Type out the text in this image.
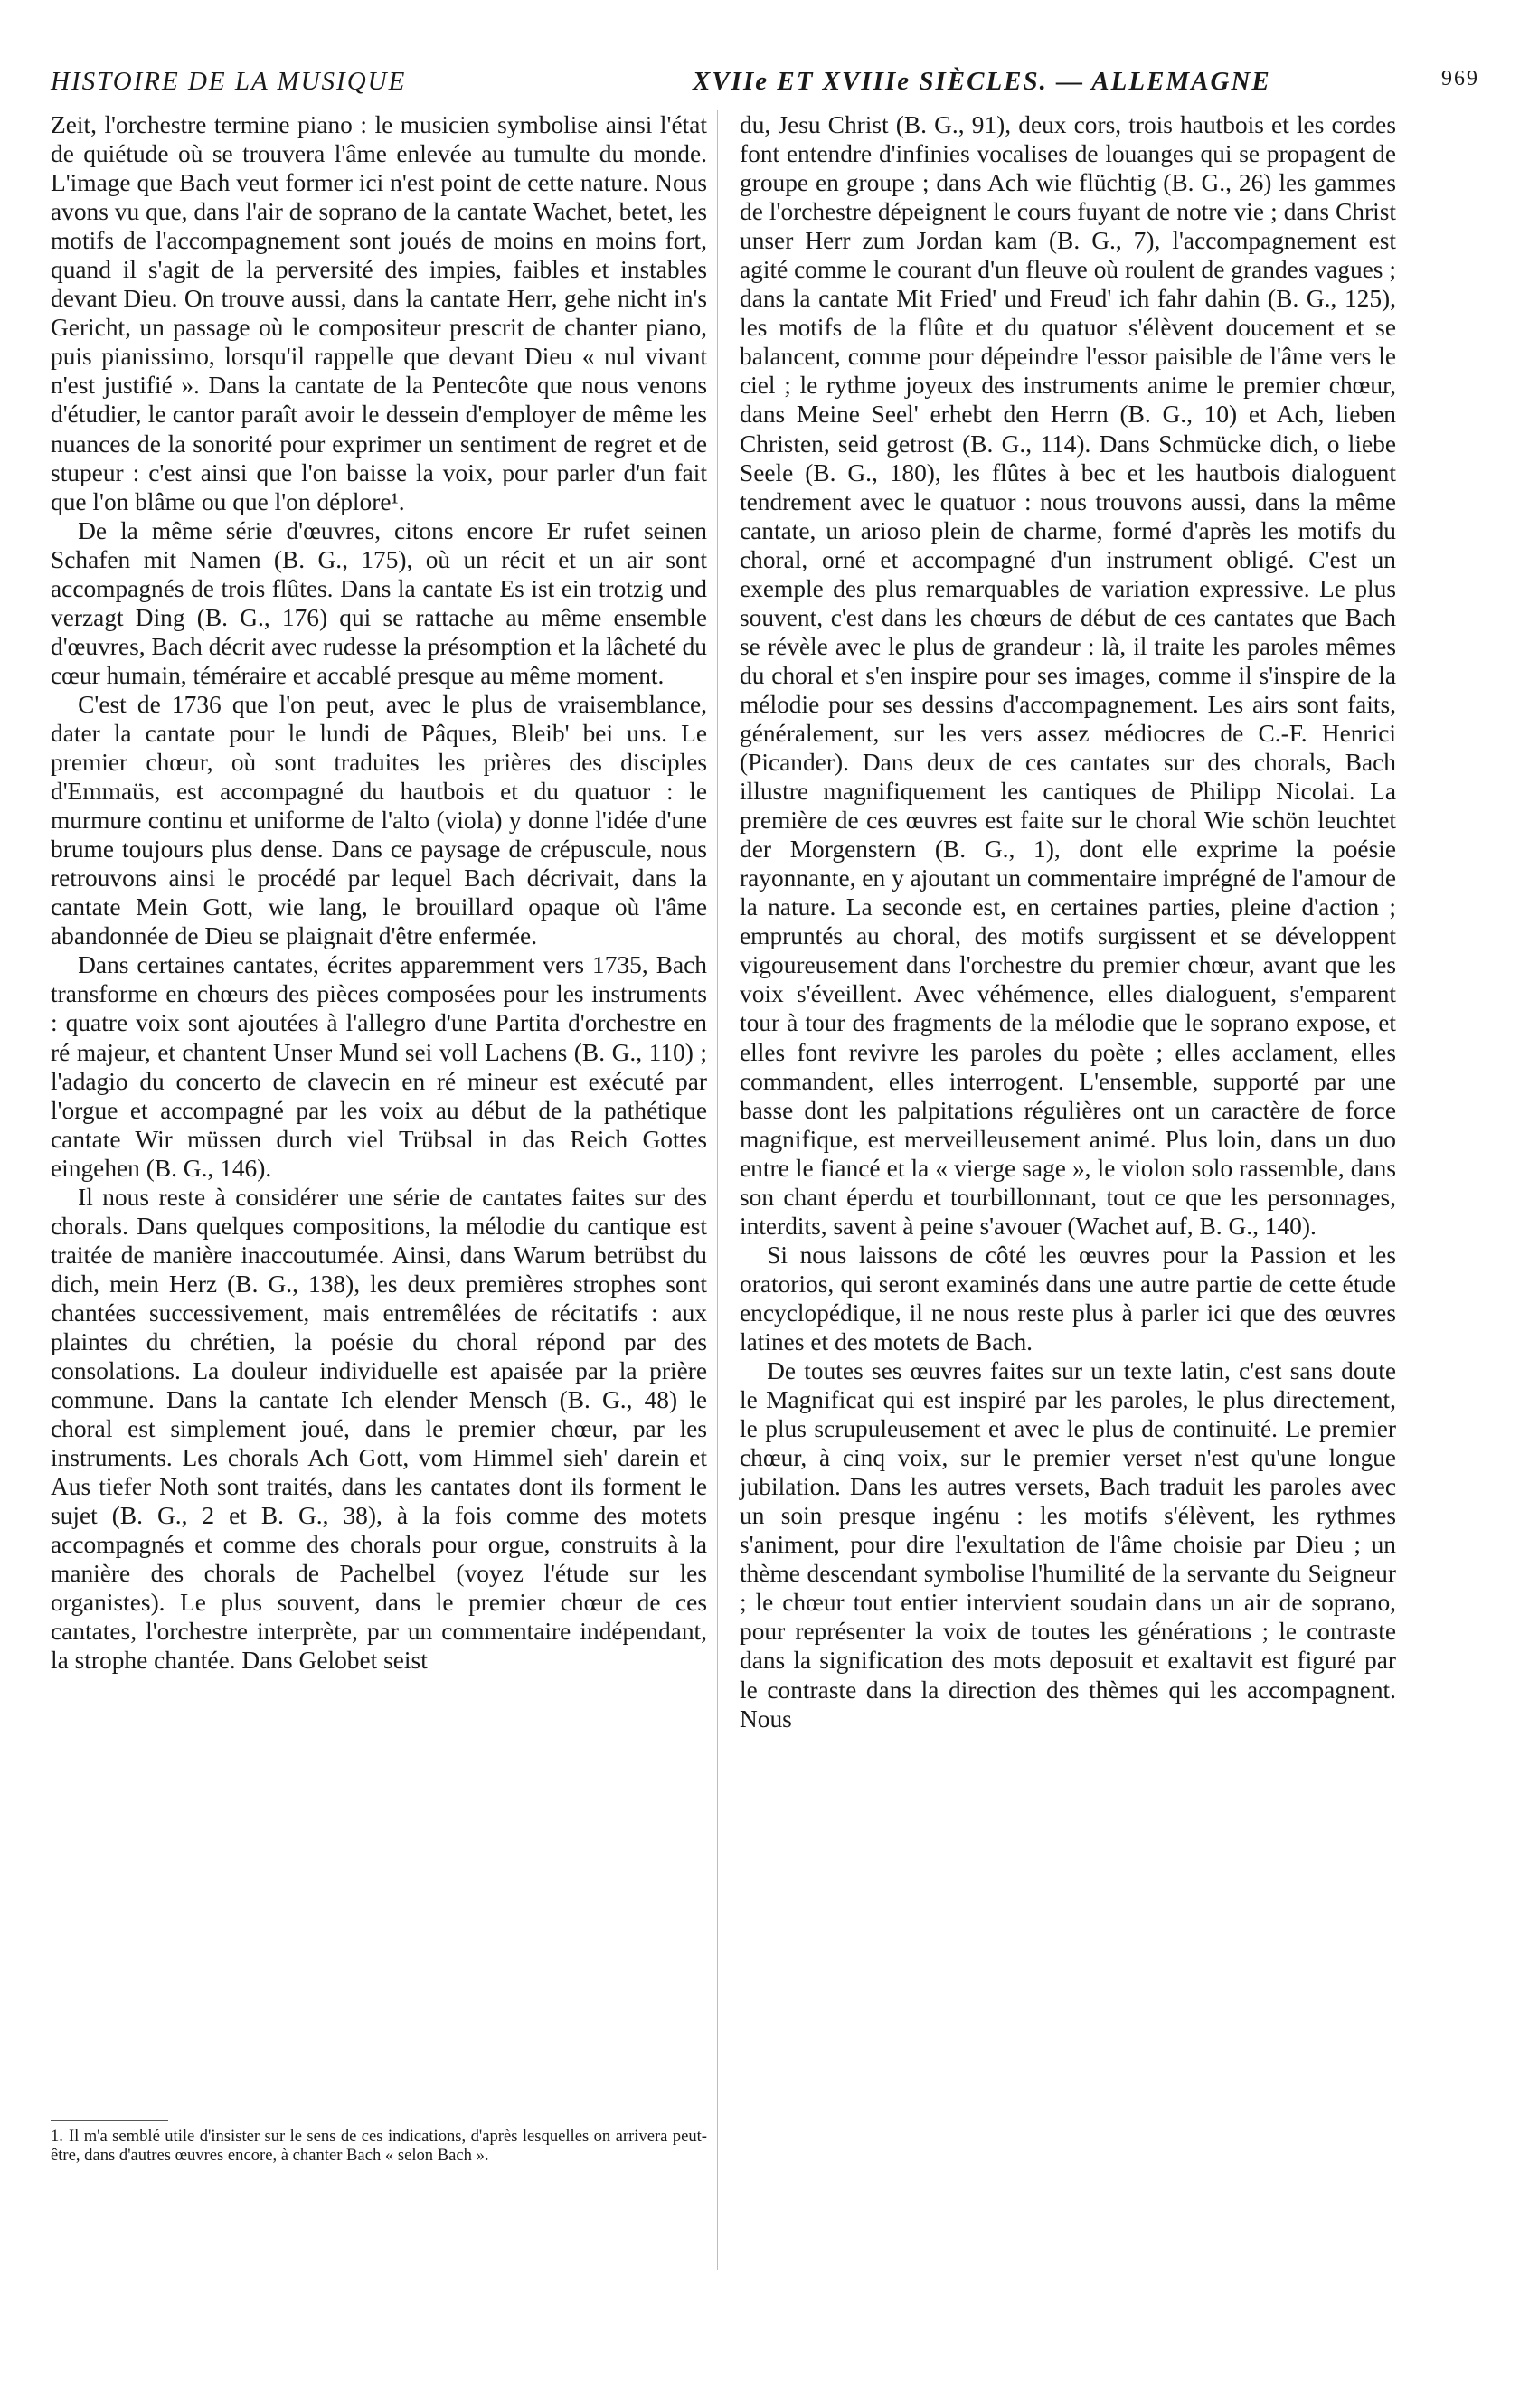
HISTOIRE DE LA MUSIQUE	XVIIe ET XVIIIe SIÈCLES. — ALLEMAGNE	969

Zeit, l'orchestre termine piano : le musicien symbolise ainsi l'état de quiétude où se trouvera l'âme enlevée au tumulte du monde. L'image que Bach veut former ici n'est point de cette nature. Nous avons vu que, dans l'air de soprano de la cantate Wachet, betet, les motifs de l'accompagnement sont joués de moins en moins fort, quand il s'agit de la perversité des impies, faibles et instables devant Dieu. On trouve aussi, dans la cantate Herr, gehe nicht in's Gericht, un passage où le compositeur prescrit de chanter piano, puis pianissimo, lorsqu'il rappelle que devant Dieu « nul vivant n'est justifié ». Dans la cantate de la Pentecôte que nous venons d'étudier, le cantor paraît avoir le dessein d'employer de même les nuances de la sonorité pour exprimer un sentiment de regret et de stupeur : c'est ainsi que l'on baisse la voix, pour parler d'un fait que l'on blâme ou que l'on déplore¹.

De la même série d'œuvres, citons encore Er rufet seinen Schafen mit Namen (B. G., 175), où un récit et un air sont accompagnés de trois flûtes. Dans la cantate Es ist ein trotzig und verzagt Ding (B. G., 176) qui se rattache au même ensemble d'œuvres, Bach décrit avec rudesse la présomption et la lâcheté du cœur humain, téméraire et accablé presque au même moment.

C'est de 1736 que l'on peut, avec le plus de vraisemblance, dater la cantate pour le lundi de Pâques, Bleib' bei uns. Le premier chœur, où sont traduites les prières des disciples d'Emmaüs, est accompagné du hautbois et du quatuor : le murmure continu et uniforme de l'alto (viola) y donne l'idée d'une brume toujours plus dense. Dans ce paysage de crépuscule, nous retrouvons ainsi le procédé par lequel Bach décrivait, dans la cantate Mein Gott, wie lang, le brouillard opaque où l'âme abandonnée de Dieu se plaignait d'être enfermée.

Dans certaines cantates, écrites apparemment vers 1735, Bach transforme en chœurs des pièces composées pour les instruments : quatre voix sont ajoutées à l'allegro d'une Partita d'orchestre en ré majeur, et chantent Unser Mund sei voll Lachens (B. G., 110) ; l'adagio du concerto de clavecin en ré mineur est exécuté par l'orgue et accompagné par les voix au début de la pathétique cantate Wir müssen durch viel Trübsal in das Reich Gottes eingehen (B. G., 146).

Il nous reste à considérer une série de cantates faites sur des chorals. Dans quelques compositions, la mélodie du cantique est traitée de manière inaccoutumée. Ainsi, dans Warum betrübst du dich, mein Herz (B. G., 138), les deux premières strophes sont chantées successivement, mais entremêlées de récitatifs : aux plaintes du chrétien, la poésie du choral répond par des consolations. La douleur individuelle est apaisée par la prière commune. Dans la cantate Ich elender Mensch (B. G., 48) le choral est simplement joué, dans le premier chœur, par les instruments. Les chorals Ach Gott, vom Himmel sieh' darein et Aus tiefer Noth sont traités, dans les cantates dont ils forment le sujet (B. G., 2 et B. G., 38), à la fois comme des motets accompagnés et comme des chorals pour orgue, construits à la manière des chorals de Pachelbel (voyez l'étude sur les organistes). Le plus souvent, dans le premier chœur de ces cantates, l'orchestre interprète, par un commentaire indépendant, la strophe chantée. Dans Gelobet seist

du, Jesu Christ (B. G., 91), deux cors, trois hautbois et les cordes font entendre d'infinies vocalises de louanges qui se propagent de groupe en groupe ; dans Ach wie flüchtig (B. G., 26) les gammes de l'orchestre dépeignent le cours fuyant de notre vie ; dans Christ unser Herr zum Jordan kam (B. G., 7), l'accompagnement est agité comme le courant d'un fleuve où roulent de grandes vagues ; dans la cantate Mit Fried' und Freud' ich fahr dahin (B. G., 125), les motifs de la flûte et du quatuor s'élèvent doucement et se balancent, comme pour dépeindre l'essor paisible de l'âme vers le ciel ; le rythme joyeux des instruments anime le premier chœur, dans Meine Seel' erhebt den Herrn (B. G., 10) et Ach, lieben Christen, seid getrost (B. G., 114). Dans Schmücke dich, o liebe Seele (B. G., 180), les flûtes à bec et les hautbois dialoguent tendrement avec le quatuor : nous trouvons aussi, dans la même cantate, un arioso plein de charme, formé d'après les motifs du choral, orné et accompagné d'un instrument obligé. C'est un exemple des plus remarquables de variation expressive. Le plus souvent, c'est dans les chœurs de début de ces cantates que Bach se révèle avec le plus de grandeur : là, il traite les paroles mêmes du choral et s'en inspire pour ses images, comme il s'inspire de la mélodie pour ses dessins d'accompagnement. Les airs sont faits, généralement, sur les vers assez médiocres de C.-F. Henrici (Picander). Dans deux de ces cantates sur des chorals, Bach illustre magnifiquement les cantiques de Philipp Nicolai. La première de ces œuvres est faite sur le choral Wie schön leuchtet der Morgenstern (B. G., 1), dont elle exprime la poésie rayonnante, en y ajoutant un commentaire imprégné de l'amour de la nature. La seconde est, en certaines parties, pleine d'action ; empruntés au choral, des motifs surgissent et se développent vigoureusement dans l'orchestre du premier chœur, avant que les voix s'éveillent. Avec véhémence, elles dialoguent, s'emparent tour à tour des fragments de la mélodie que le soprano expose, et elles font revivre les paroles du poète ; elles acclament, elles commandent, elles interrogent. L'ensemble, supporté par une basse dont les palpitations régulières ont un caractère de force magnifique, est merveilleusement animé. Plus loin, dans un duo entre le fiancé et la « vierge sage », le violon solo rassemble, dans son chant éperdu et tourbillonnant, tout ce que les personnages, interdits, savent à peine s'avouer (Wachet auf, B. G., 140).

Si nous laissons de côté les œuvres pour la Passion et les oratorios, qui seront examinés dans une autre partie de cette étude encyclopédique, il ne nous reste plus à parler ici que des œuvres latines et des motets de Bach.

De toutes ses œuvres faites sur un texte latin, c'est sans doute le Magnificat qui est inspiré par les paroles, le plus directement, le plus scrupuleusement et avec le plus de continuité. Le premier chœur, à cinq voix, sur le premier verset n'est qu'une longue jubilation. Dans les autres versets, Bach traduit les paroles avec un soin presque ingénu : les motifs s'élèvent, les rythmes s'animent, pour dire l'exultation de l'âme choisie par Dieu ; un thème descendant symbolise l'humilité de la servante du Seigneur ; le chœur tout entier intervient soudain dans un air de soprano, pour représenter la voix de toutes les générations ; le contraste dans la signification des mots deposuit et exaltavit est figuré par le contraste dans la direction des thèmes qui les accompagnent. Nous

1. Il m'a semblé utile d'insister sur le sens de ces indications, d'après lesquelles on arrivera peut-être, dans d'autres œuvres encore, à chanter Bach « selon Bach ».
